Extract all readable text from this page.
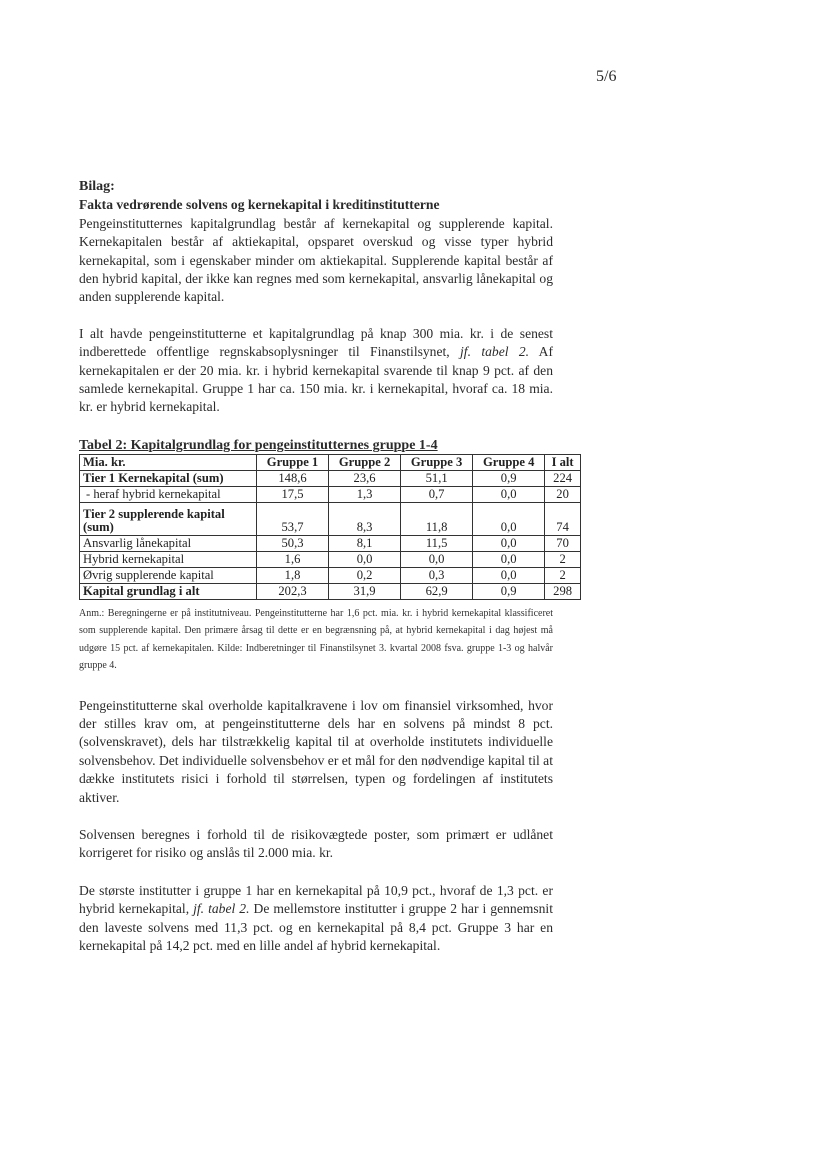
5/6
Bilag:
Fakta vedrørende solvens og kernekapital i kreditinstitutterne

Pengeinstitutternes kapitalgrundlag består af kernekapital og supplerende kapital. Kernekapitalen består af aktiekapital, opsparet overskud og visse typer hybrid kernekapital, som i egenskaber minder om aktiekapital. Supplerende kapital består af den hybrid kapital, der ikke kan regnes med som kernekapital, ansvarlig lånekapital og anden supplerende kapital.

I alt havde pengeinstitutterne et kapitalgrundlag på knap 300 mia. kr. i de senest indberettede offentlige regnskabsoplysninger til Finanstilsynet, jf. tabel 2. Af kernekapitalen er der 20 mia. kr. i hybrid kernekapital svarende til knap 9 pct. af den samlede kernekapital. Gruppe 1 har ca. 150 mia. kr. i kernekapital, hvoraf ca. 18 mia. kr. er hybrid kernekapital.

Tabel 2: Kapitalgrundlag for pengeinstitutternes gruppe 1-4
Mia. kr.	Gruppe 1	Gruppe 2	Gruppe 3	Gruppe 4	I alt
Tier 1 Kernekapital (sum)	148,6	23,6	51,1	0,9	224
- heraf hybrid kernekapital	17,5	1,3	0,7	0,0	20
Tier 2 supplerende kapital (sum)	53,7	8,3	11,8	0,0	74
Ansvarlig lånekapital	50,3	8,1	11,5	0,0	70
Hybrid kernekapital	1,6	0,0	0,0	0,0	2
Øvrig supplerende kapital	1,8	0,2	0,3	0,0	2
Kapital grundlag i alt	202,3	31,9	62,9	0,9	298
Anm.: Beregningerne er på institutniveau. Pengeinstitutterne har 1,6 pct. mia. kr. i hybrid kernekapital klassificeret som supplerende kapital. Den primære årsag til dette er en begrænsning på, at hybrid kernekapital i dag højest må udgøre 15 pct. af kernekapitalen. Kilde: Indberetninger til Finanstilsynet 3. kvartal 2008 fsva. gruppe 1-3 og halvår gruppe 4.

Pengeinstitutterne skal overholde kapitalkravene i lov om finansiel virksomhed, hvor der stilles krav om, at pengeinstitutterne dels har en solvens på mindst 8 pct. (solvenskravet), dels har tilstrækkelig kapital til at overholde institutets individuelle solvensbehov. Det individuelle solvensbehov er et mål for den nødvendige kapital til at dække institutets risici i forhold til størrelsen, typen og fordelingen af institutets aktiver.

Solvensen beregnes i forhold til de risikovægtede poster, som primært er udlånet korrigeret for risiko og anslås til 2.000 mia. kr.

De største institutter i gruppe 1 har en kernekapital på 10,9 pct., hvoraf de 1,3 pct. er hybrid kernekapital, jf. tabel 2. De mellemstore institutter i gruppe 2 har i gennemsnit den laveste solvens med 11,3 pct. og en kernekapital på 8,4 pct. Gruppe 3 har en kernekapital på 14,2 pct. med en lille andel af hybrid kernekapital.
